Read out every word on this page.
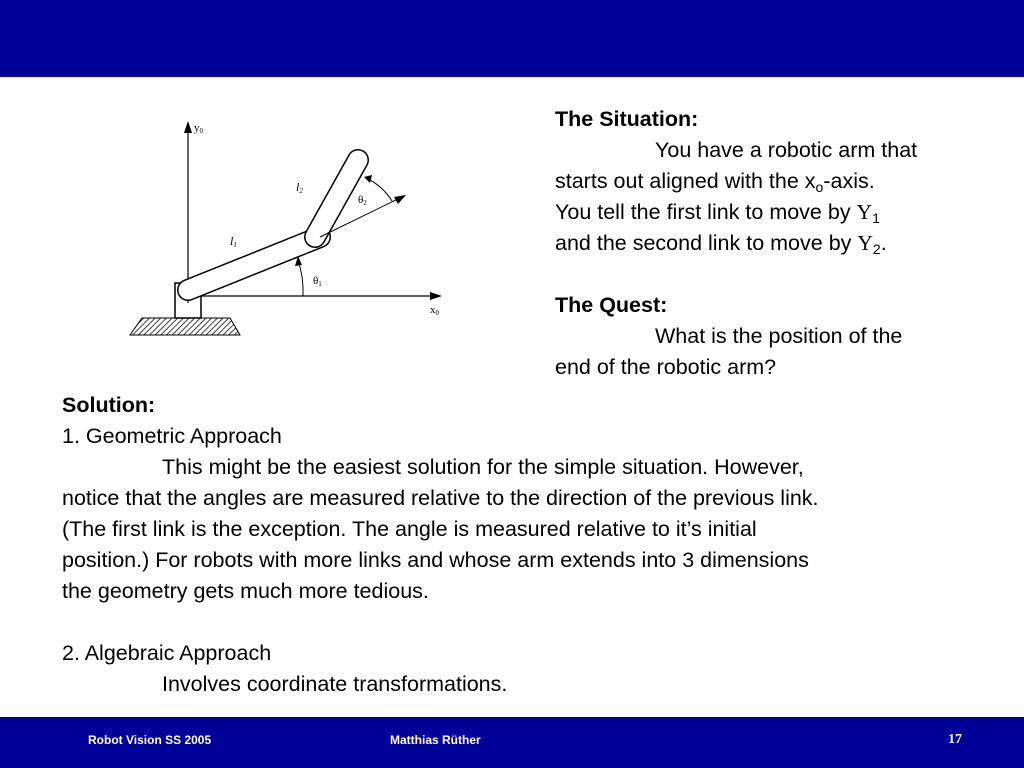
y0
x0
l1
l2
θ1
θ2
The Situation:
You have a robotic arm that
starts out aligned with the $x_o$-axis.
You tell the first link to move by $Y_1$
and the second link to move by $Y_2$.
The Quest:
What is the position of the
end of the robotic arm?
Solution:
1. Geometric Approach
This might be the easiest solution for the simple situation. However,
notice that the angles are measured relative to the direction of the previous link.
(The first link is the exception. The angle is measured relative to it’s initial
position.) For robots with more links and whose arm extends into 3 dimensions
the geometry gets much more tedious.
2. Algebraic Approach
Involves coordinate transformations.
Robot Vision SS 2005	Matthias Rüther	17
